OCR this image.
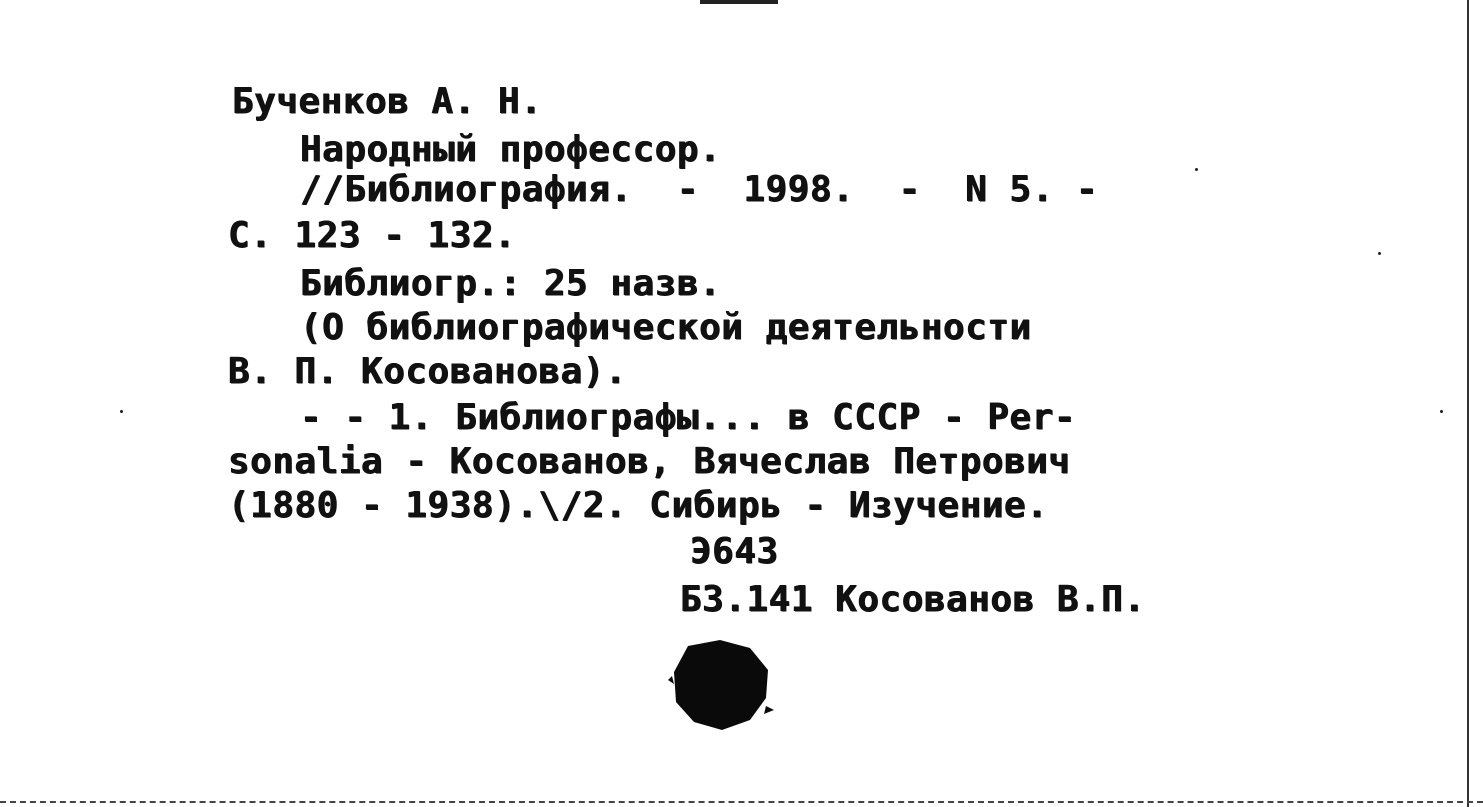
Бученков А. Н.
Народный профессор.
//Библиография.  -  1998.  -  N 5. -
С. 123 - 132.
Библиогр.: 25 назв.
(О библиографической деятельности
В. П. Косованова).
- - 1. Библиографы... в СССР - Per-
sonalia - Косованов, Вячеслав Петрович
(1880 - 1938).\/2. Сибирь - Изучение.
Э643
Б3.141 Косованов В.П.
